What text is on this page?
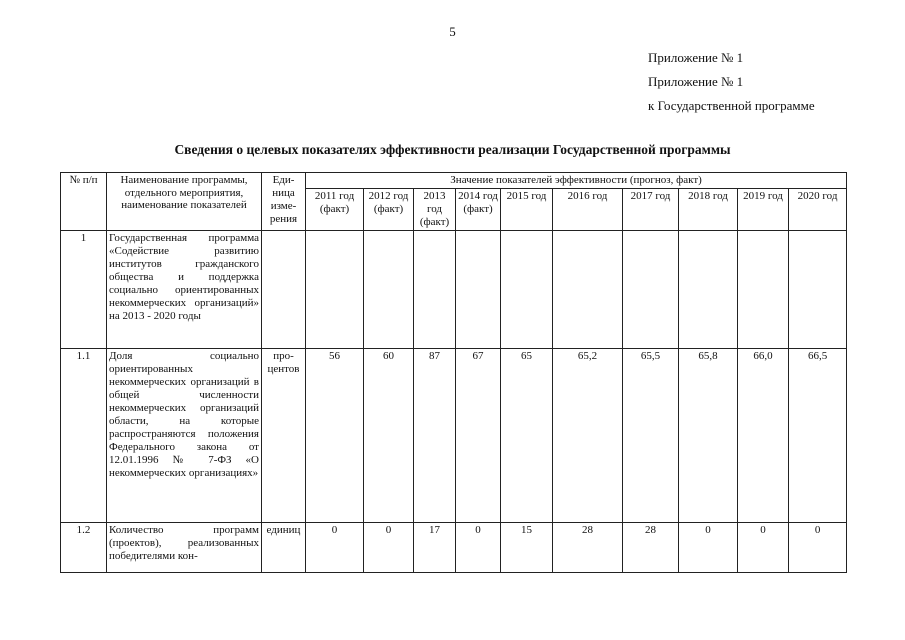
5
Приложение № 1
Приложение № 1
к Государственной программе
Сведения о целевых показателях эффективности реализации Государственной программы
№ п/п	Наименование программы, отдельного мероприятия, наименование показателей	Еди-ница изме-рения	Значение показателей эффективности (прогноз, факт)									
			2011 год (факт)	2012 год (факт)	2013 год (факт)	2014 год (факт)	2015 год	2016 год	2017 год	2018 год	2019 год	2020 год
1	Государственная программа «Содействие развитию институтов гражданского общества и поддержка социально ориентированных некоммерческих организаций» на 2013 - 2020 годы											
1.1	Доля социально ориентированных некоммерческих организаций в общей численности некоммерческих организаций области, на которые распространяются положения Федерального закона от 12.01.1996 № 7-ФЗ «О некоммерческих организациях»	про-центов	56	60	87	67	65	65,2	65,5	65,8	66,0	66,5
1.2	Количество программ (проектов), реализованных победителями кон-	единиц	0	0	17	0	15	28	28	0	0	0
